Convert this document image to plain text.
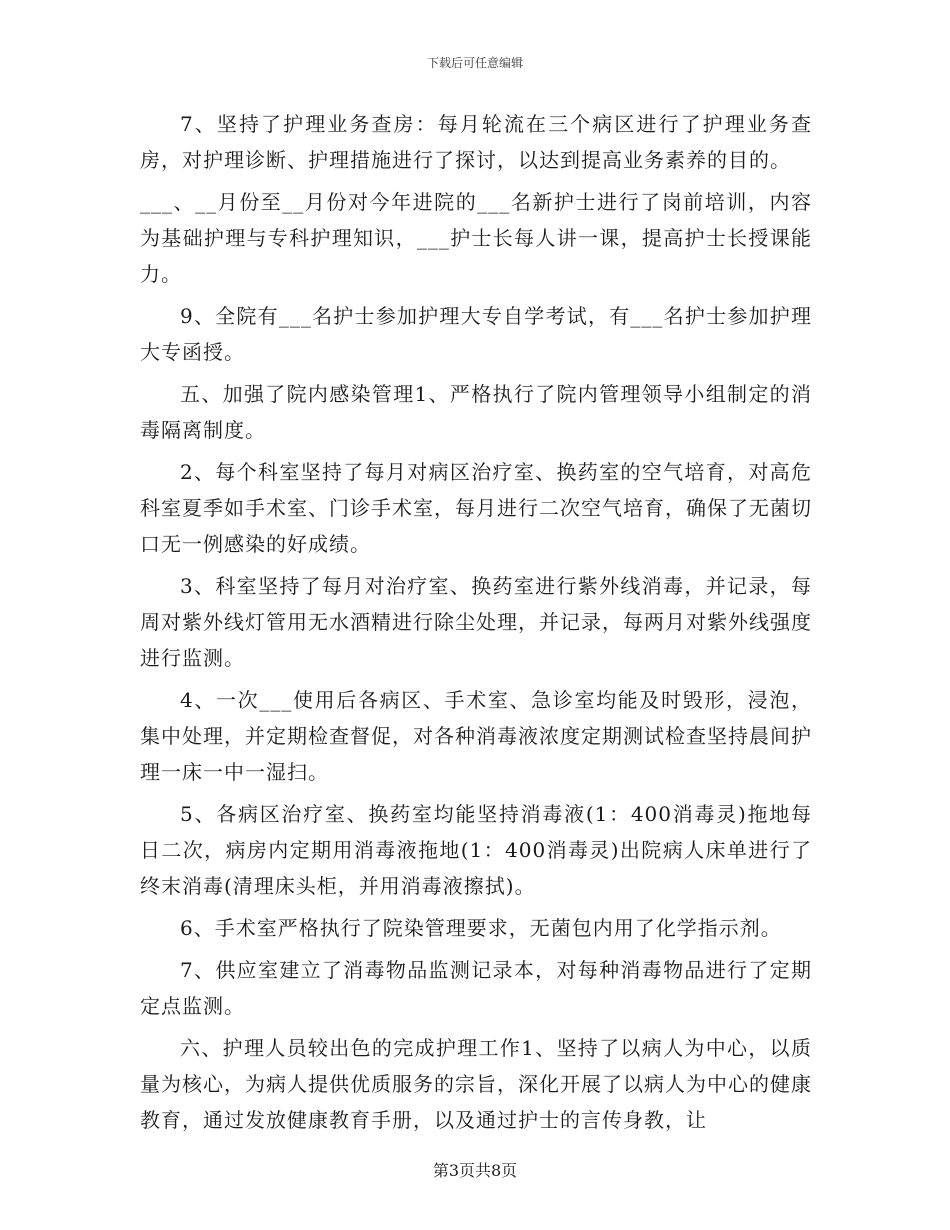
下载后可任意编辑

7、坚持了护理业务查房：每月轮流在三个病区进行了护理业务查房，对护理诊断、护理措施进行了探讨，以达到提高业务素养的目的。

___、__月份至__月份对今年进院的___名新护士进行了岗前培训，内容为基础护理与专科护理知识，___护士长每人讲一课，提高护士长授课能力。

9、全院有___名护士参加护理大专自学考试，有___名护士参加护理大专函授。

五、加强了院内感染管理1、严格执行了院内管理领导小组制定的消毒隔离制度。

2、每个科室坚持了每月对病区治疗室、换药室的空气培育，对高危科室夏季如手术室、门诊手术室，每月进行二次空气培育，确保了无菌切口无一例感染的好成绩。

3、科室坚持了每月对治疗室、换药室进行紫外线消毒，并记录，每周对紫外线灯管用无水酒精进行除尘处理，并记录，每两月对紫外线强度进行监测。

4、一次___使用后各病区、手术室、急诊室均能及时毁形，浸泡，集中处理，并定期检查督促，对各种消毒液浓度定期测试检查坚持晨间护理一床一中一湿扫。

5、各病区治疗室、换药室均能坚持消毒液(1：400消毒灵)拖地每日二次，病房内定期用消毒液拖地(1：400消毒灵)出院病人床单进行了终末消毒(清理床头柜，并用消毒液擦拭)。

6、手术室严格执行了院染管理要求，无菌包内用了化学指示剂。

7、供应室建立了消毒物品监测记录本，对每种消毒物品进行了定期定点监测。

六、护理人员较出色的完成护理工作1、坚持了以病人为中心，以质量为核心，为病人提供优质服务的宗旨，深化开展了以病人为中心的健康教育，通过发放健康教育手册，以及通过护士的言传身教，让

第3页共8页
